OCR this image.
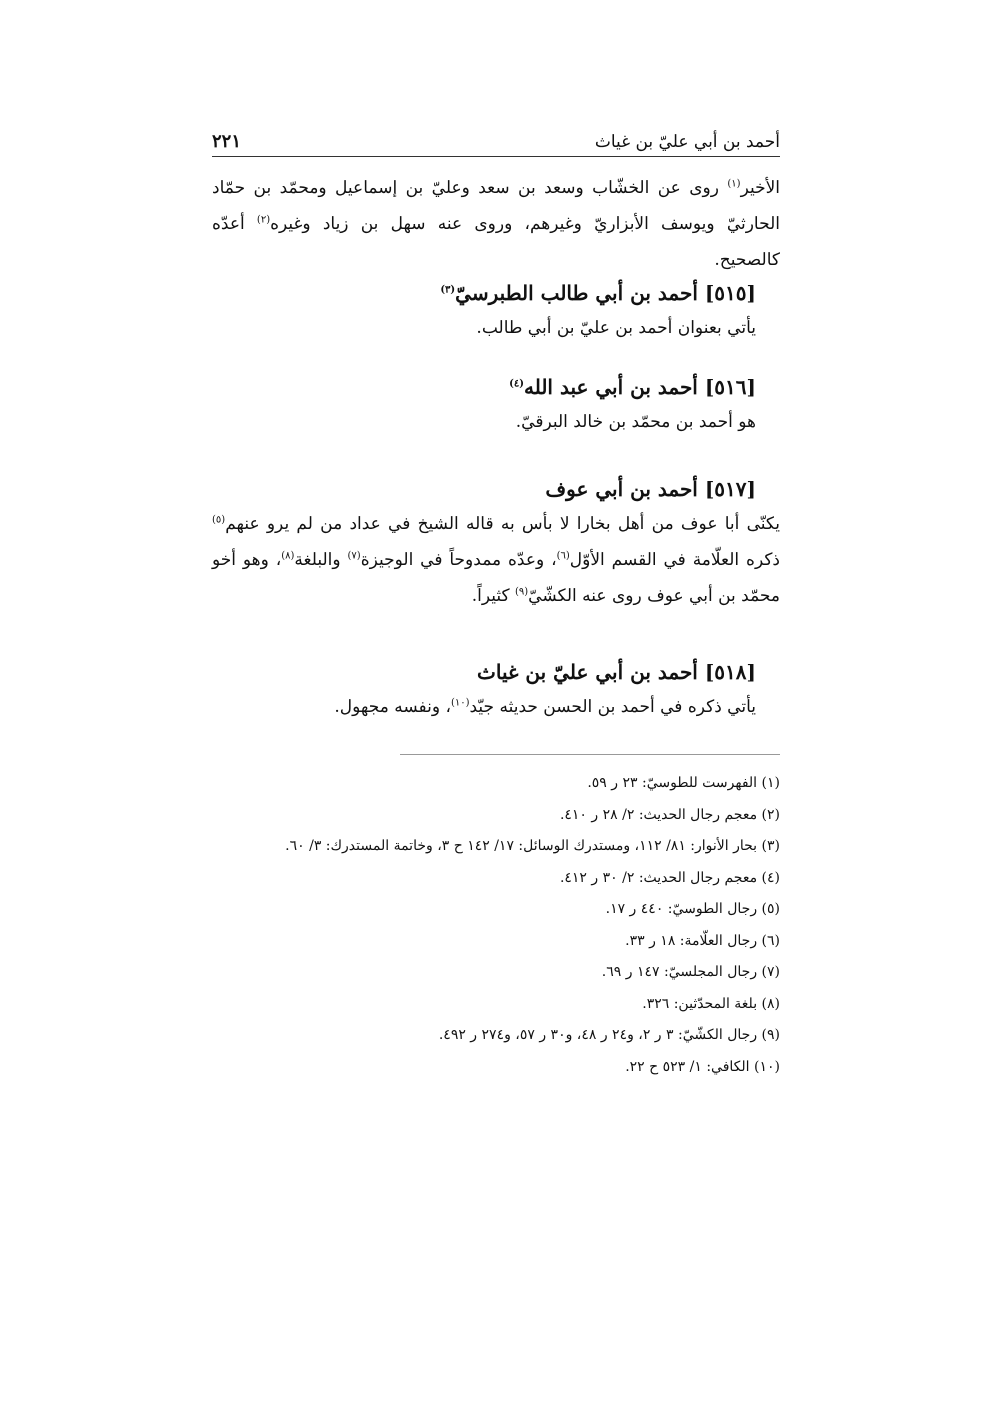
أحمد بن أبي عليّ بن غياث
٢٢١

الأخير$^{(١)}$ روى عن الخشّاب وسعد بن سعد وعليّ بن إسماعيل ومحمّد بن حمّاد الحارثيّ ويوسف الأبزاريّ وغيرهم، وروى عنه سهل بن زياد وغيره$^{(٢)}$ أعدّه كالصحيح.

[٥١٥] أحمد بن أبي طالب الطبرسيّ$^{(٣)}$

يأتي بعنوان أحمد بن عليّ بن أبي طالب.

[٥١٦] أحمد بن أبي عبد الله$^{(٤)}$

هو أحمد بن محمّد بن خالد البرقيّ.

[٥١٧] أحمد بن أبي عوف

يكنّى أبا عوف من أهل بخارا لا بأس به قاله الشيخ في عداد من لم يرو عنهم$^{(٥)}$ ذكره العلّامة في القسم الأوّل$^{(٦)}$، وعدّه ممدوحاً في الوجيزة$^{(٧)}$ والبلغة$^{(٨)}$، وهو أخو محمّد بن أبي عوف روى عنه الكشّيّ$^{(٩)}$ كثيراً.

[٥١٨] أحمد بن أبي عليّ بن غياث

يأتي ذكره في أحمد بن الحسن حديثه جيّد$^{(١٠)}$، ونفسه مجهول.

(١) الفهرست للطوسيّ: ٢٣ ر ٥٩.
(٢) معجم رجال الحديث: ٢/ ٢٨ ر ٤١٠.
(٣) بحار الأنوار: ٨١/ ١١٢، ومستدرك الوسائل: ١٧/ ١٤٢ ح ٣، وخاتمة المستدرك: ٣/ ٦٠.
(٤) معجم رجال الحديث: ٢/ ٣٠ ر ٤١٢.
(٥) رجال الطوسيّ: ٤٤٠ ر ١٧.
(٦) رجال العلّامة: ١٨ ر ٣٣.
(٧) رجال المجلسيّ: ١٤٧ ر ٦٩.
(٨) بلغة المحدّثين: ٣٢٦.
(٩) رجال الكشّيّ: ٣ ر ٢، و٢٤ ر ٤٨، و٣٠ ر ٥٧، و٢٧٤ ر ٤٩٢.
(١٠) الكافي: ١/ ٥٢٣ ح ٢٢.
